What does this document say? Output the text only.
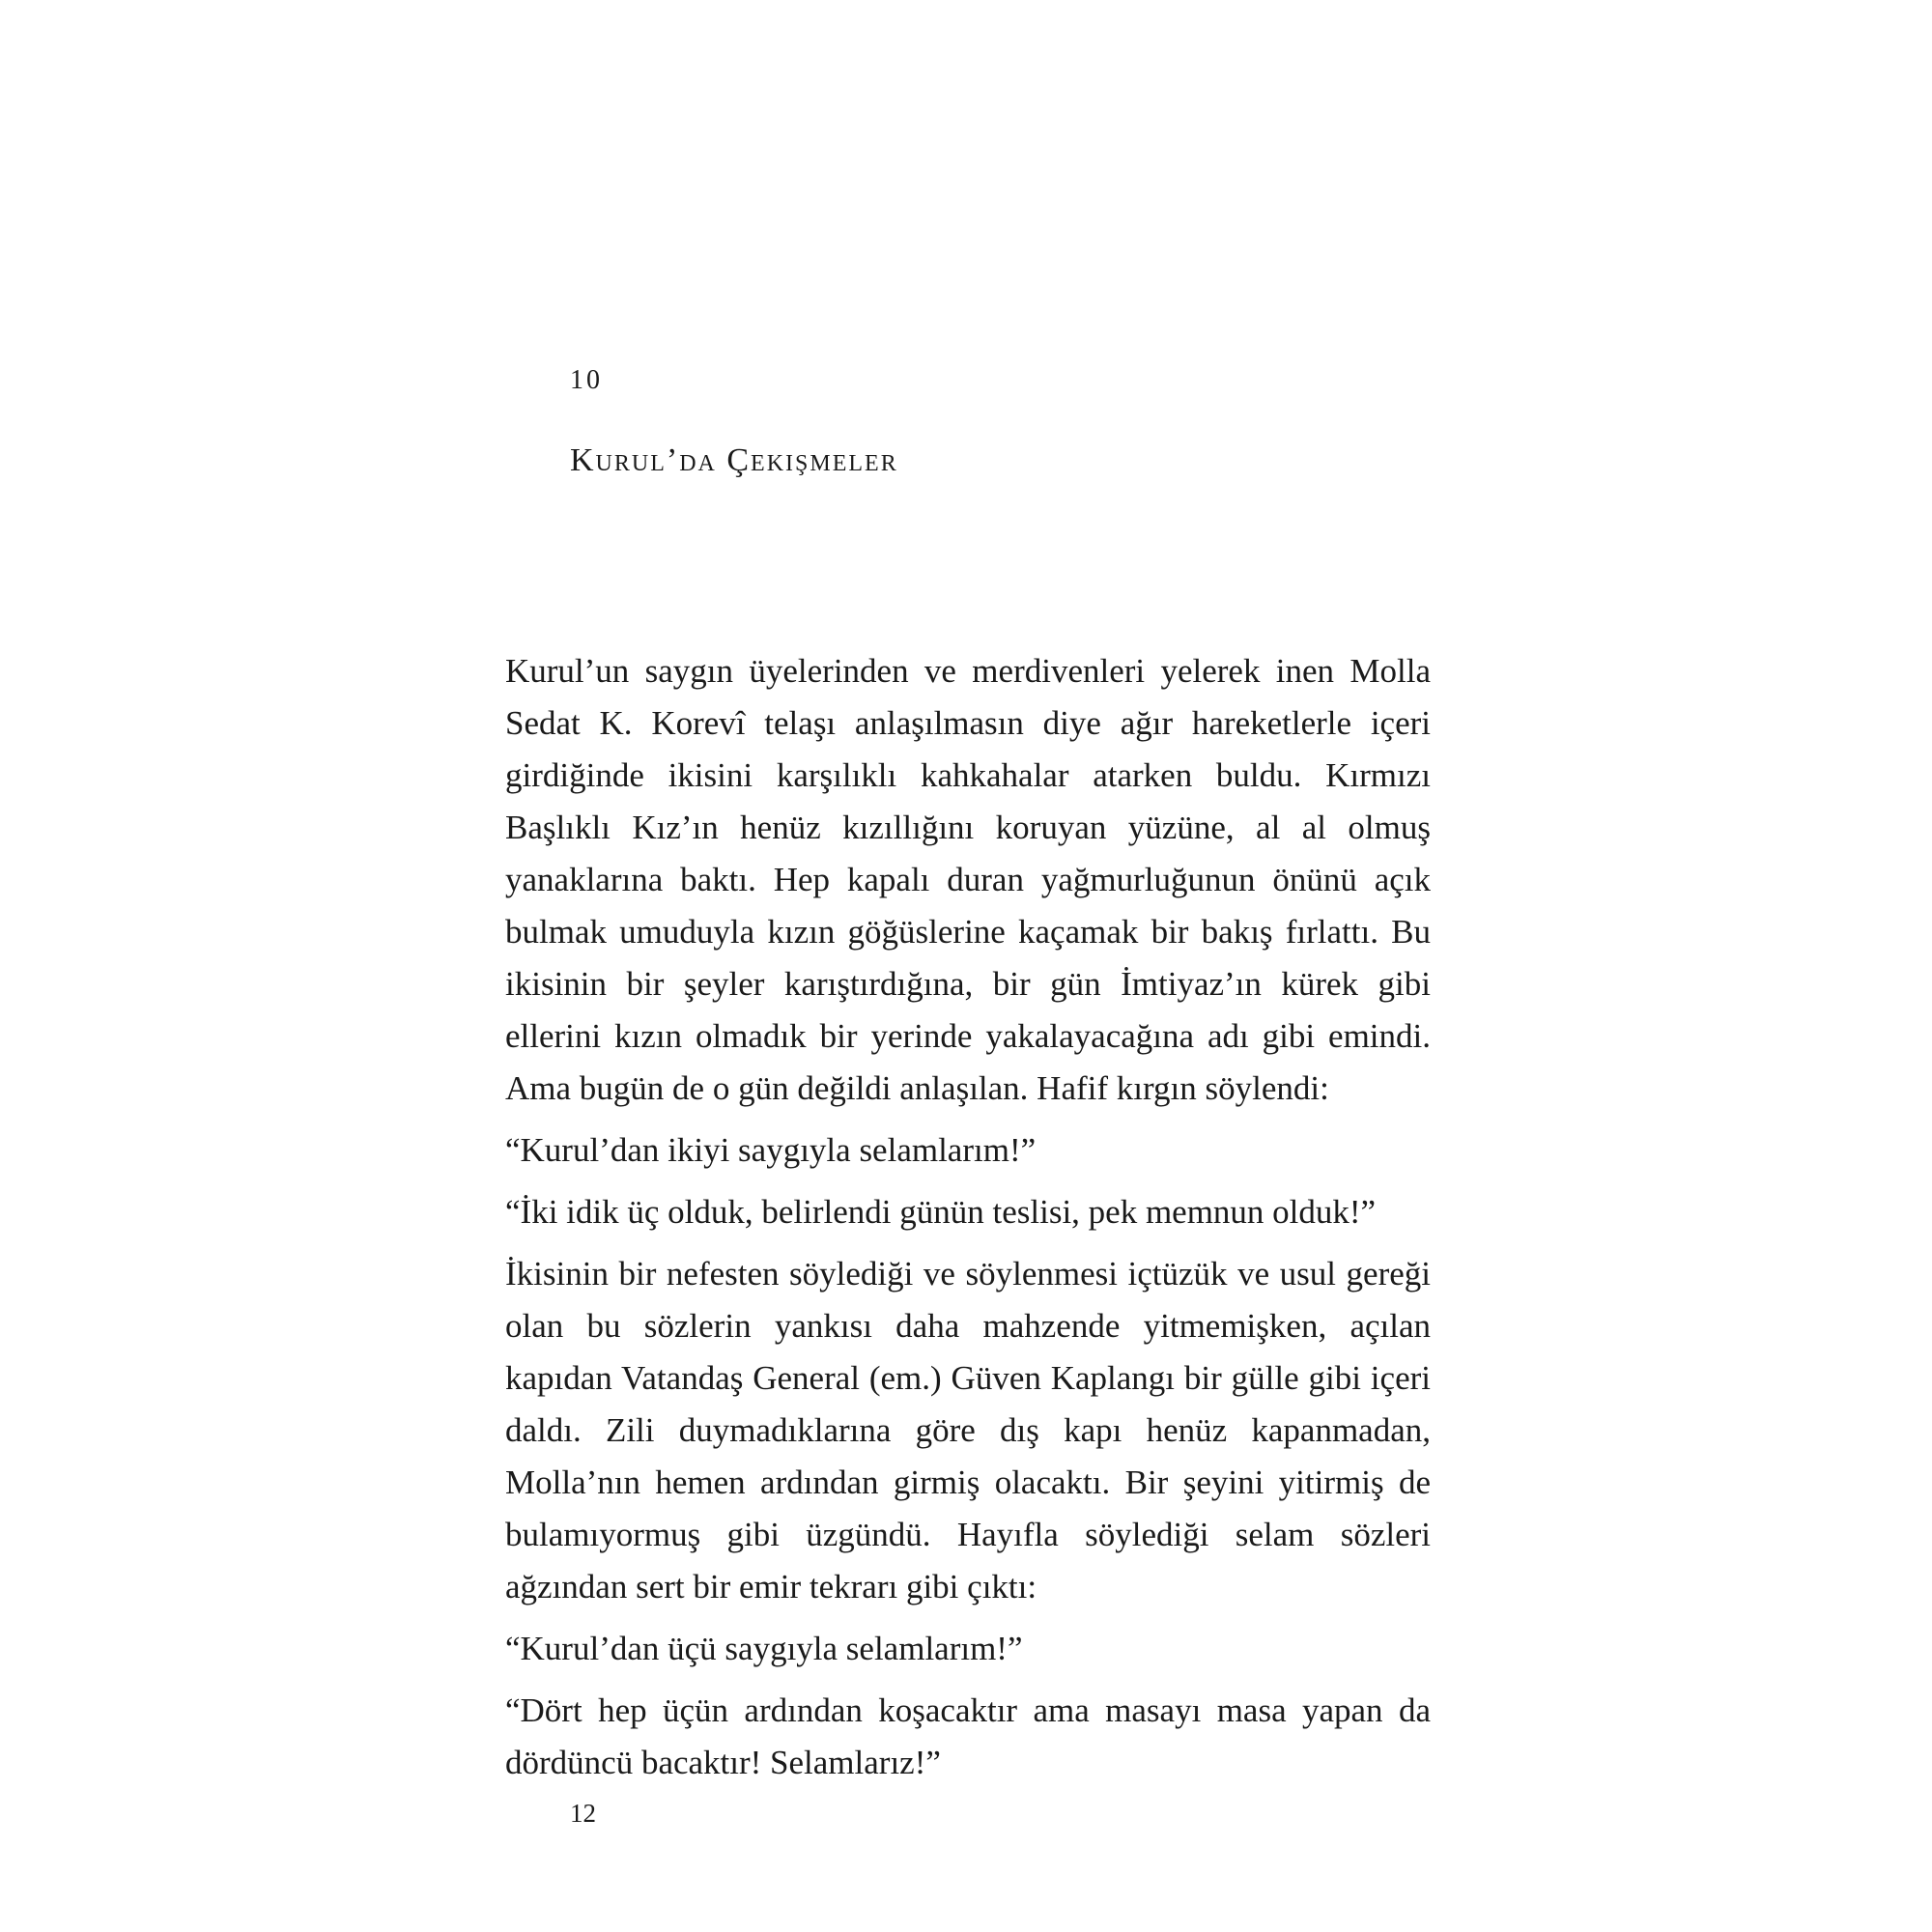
10
Kurul’da Çekişmeler

Kurul’un saygın üyelerinden ve merdivenleri yelerek inen Molla Sedat K. Korevî telaşı anlaşılmasın diye ağır hareketlerle içeri girdiğinde ikisini karşılıklı kahkahalar atarken buldu. Kırmızı Başlıklı Kız’ın henüz kızıllığını koruyan yüzüne, al al olmuş yanaklarına baktı. Hep kapalı duran yağmurluğunun önünü açık bulmak umuduyla kızın göğüslerine kaçamak bir bakış fırlattı. Bu ikisinin bir şeyler karıştırdığına, bir gün İmtiyaz’ın kürek gibi ellerini kızın olmadık bir yerinde yakalayacağına adı gibi emindi. Ama bugün de o gün değildi anlaşılan. Hafif kırgın söylendi:

“Kurul’dan ikiyi saygıyla selamlarım!”

“İki idik üç olduk, belirlendi günün teslisi, pek memnun olduk!”

İkisinin bir nefesten söylediği ve söylenmesi içtüzük ve usul gereği olan bu sözlerin yankısı daha mahzende yitmemişken, açılan kapıdan Vatandaş General (em.) Güven Kaplangı bir gülle gibi içeri daldı. Zili duymadıklarına göre dış kapı henüz kapanmadan, Molla’nın hemen ardından girmiş olacaktı. Bir şeyini yitirmiş de bulamıyormuş gibi üzgündü. Hayıfla söylediği selam sözleri ağzından sert bir emir tekrarı gibi çıktı:

“Kurul’dan üçü saygıyla selamlarım!”

“Dört hep üçün ardından koşacaktır ama masayı masa yapan da dördüncü bacaktır! Selamlarız!”

12
